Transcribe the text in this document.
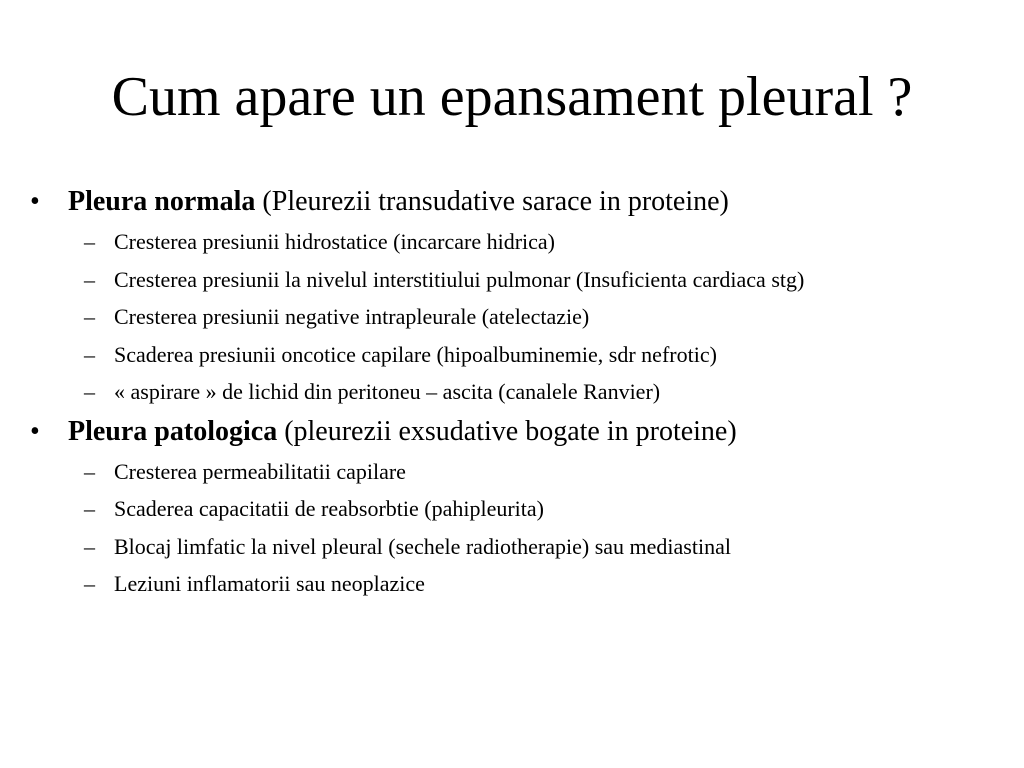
Cum apare un epansament pleural ?
• Pleura normala (Pleurezii transudative sarace in proteine)
– Cresterea presiunii hidrostatice (incarcare hidrica)
– Cresterea presiunii la nivelul interstitiului pulmonar (Insuficienta cardiaca stg)
– Cresterea presiunii negative intrapleurale (atelectazie)
– Scaderea presiunii oncotice capilare (hipoalbuminemie, sdr nefrotic)
– « aspirare » de lichid din peritoneu – ascita (canalele Ranvier)
• Pleura patologica (pleurezii exsudative bogate in proteine)
– Cresterea permeabilitatii capilare
– Scaderea capacitatii de reabsorbtie (pahipleurita)
– Blocaj limfatic la nivel pleural (sechele radiotherapie) sau mediastinal
– Leziuni inflamatorii sau neoplazice
